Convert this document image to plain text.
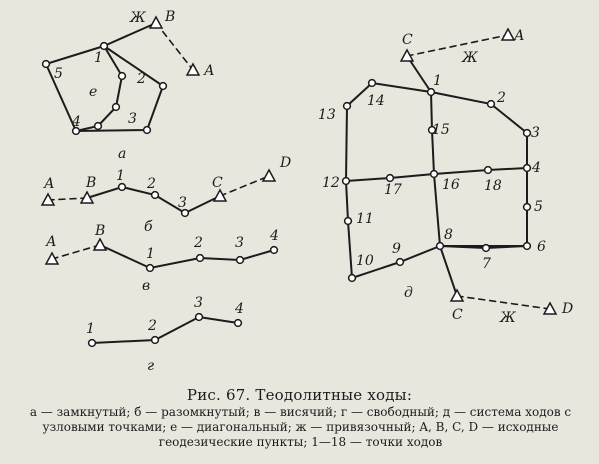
1
2
3
4
5
е
Ж В
А
а
1 2
3
А В	С
D
б
1
2 3 4
А
В
в
1	2
3 4
г
1
2
3
4
5
6
7
8
9
10
11
12
13
14
15
16
17	18
С	А
С	D
Ж
Ж
д
Рис. 67. Теодолитные ходы:
а — замкнутый; б — разомкнутый; в — висячий; г — свободный; д — система ходов с узловыми точками; е — диагональный; ж — привязочный; A, B, C, D — исходные геодезические пункты; 1—18 — точки ходов
